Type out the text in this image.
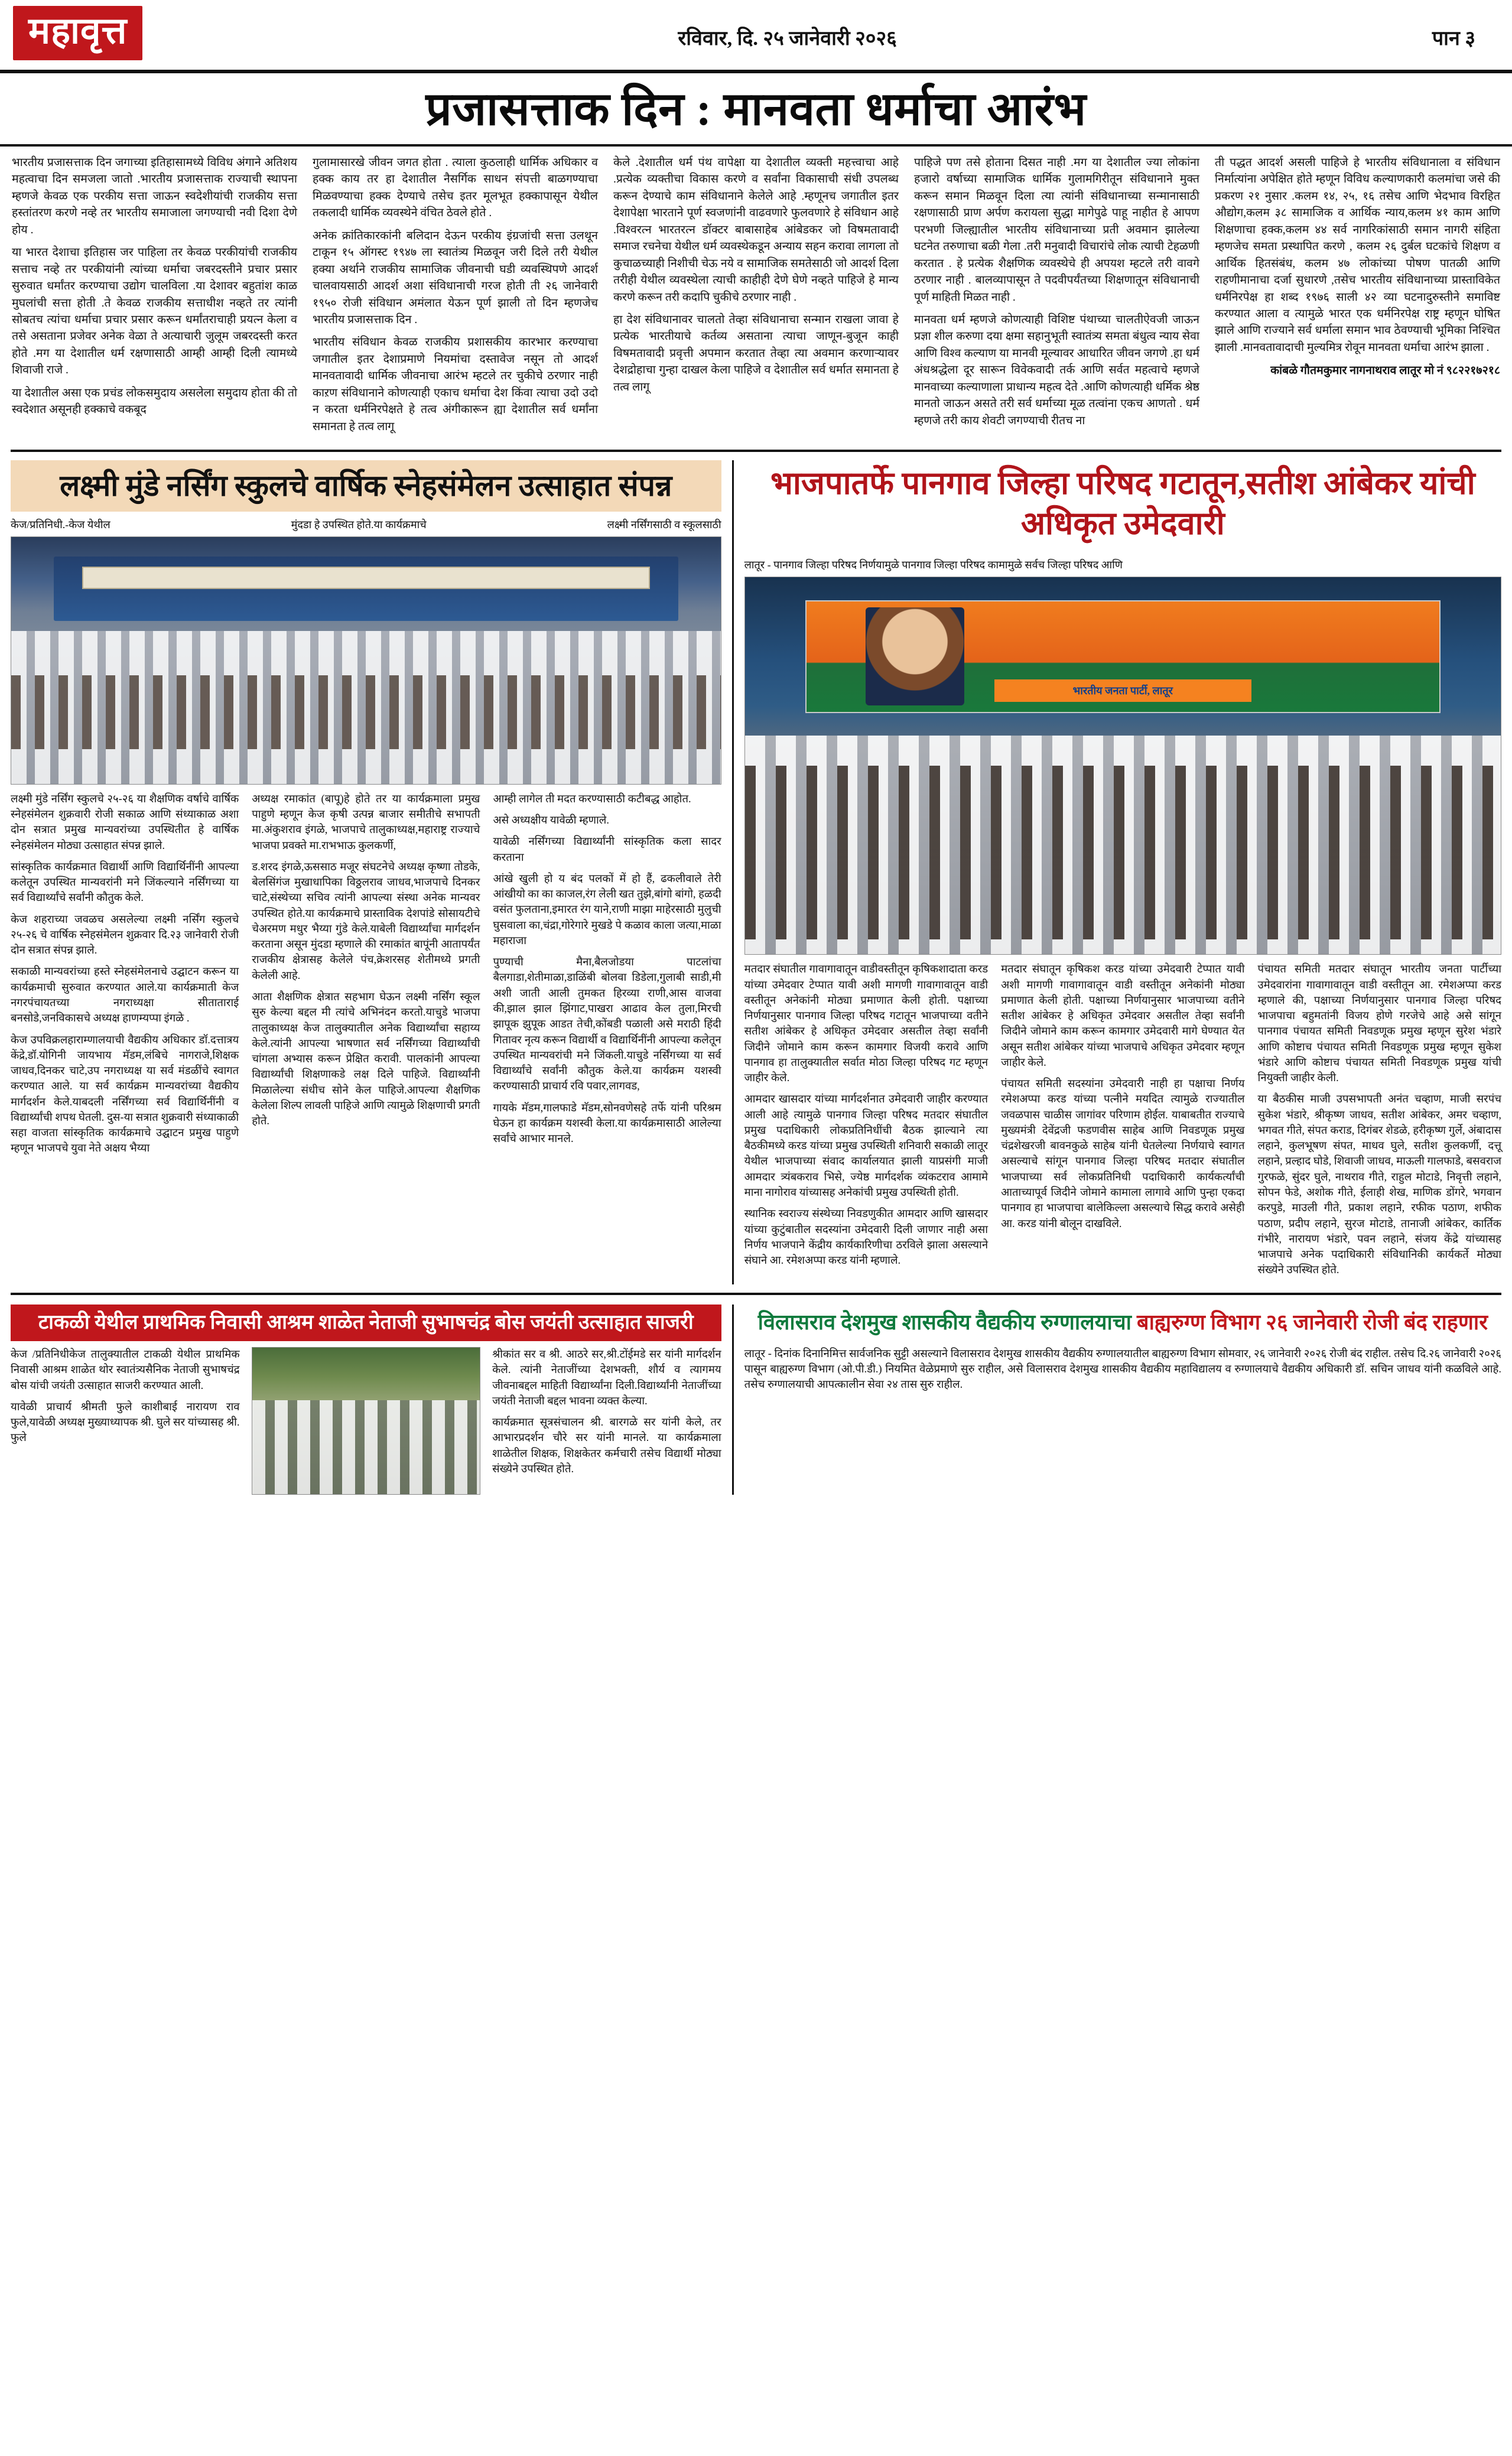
महावृत्त	रविवार, दि. २५ जानेवारी २०२६	पान ३
प्रजासत्ताक दिन : मानवता धर्माचा आरंभ

भारतीय प्रजासत्ताक दिन जगाच्या इतिहासामध्ये विविध अंगाने अतिशय महत्वाचा दिन समजला जातो .भारतीय प्रजासत्ताक राज्याची स्थापना म्हणजे केवळ एक परकीय सत्ता जाऊन स्वदेशीयांची राजकीय सत्ता हस्तांतरण करणे नव्हे तर भारतीय समाजाला जगण्याची नवी दिशा देणे होय .

या भारत देशाचा इतिहास जर पाहिला तर केवळ परकीयांची राजकीय सत्ताच नव्हे तर परकीयांनी त्यांच्या धर्माचा जबरदस्तीने प्रचार प्रसार सुरुवात धर्मांतर करण्याचा उद्योग चालविला .या देशावर बहुतांश काळ मुघलांची सत्ता होती .ते केवळ राजकीय सत्ताधीश नव्हते तर त्यांनी सोबतच त्यांचा धर्माचा प्रचार प्रसार करून धर्मांतराचाही प्रयत्न केला व तसे असताना प्रजेवर अनेक वेळा ते अत्याचारी जुलूम जबरदस्ती करत होते .मग या देशातील धर्म रक्षणासाठी आम्ही आम्ही दिली त्यामध्ये शिवाजी राजे .

या देशातील असा एक प्रचंड लोकसमुदाय असलेला समुदाय होता की तो स्वदेशात असूनही हक्काचे वकबूद

गुलामासारखे जीवन जगत होता . त्याला कुठलाही धार्मिक अधिकार व हक्क काय तर हा देशातील नैसर्गिक साधन संपत्ती बाळगण्याचा मिळवण्याचा हक्क देण्याचे तसेच इतर मूलभूत हक्कापासून येथील तकलादी धार्मिक व्यवस्थेने वंचित ठेवले होते .

अनेक क्रांतिकारकांनी बलिदान देऊन परकीय इंग्रजांची सत्ता उलथून टाकून १५ ऑगस्ट १९४७ ला स्वातंत्र्य मिळवून जरी दिले तरी येथील हक्या अर्थाने राजकीय सामाजिक जीवनाची घडी व्यवस्थिपणे आदर्श चालवायसाठी आदर्श अशा संविधानाची गरज होती ती २६ जानेवारी १९५० रोजी संविधान अमंलात येऊन पूर्ण झाली तो दिन म्हणजेच भारतीय प्रजासत्ताक दिन .

भारतीय संविधान केवळ राजकीय प्रशासकीय कारभार करण्याचा जगातील इतर देशाप्रमाणे नियमांचा दस्तावेज नसून तो आदर्श मानवतावादी धार्मिक जीवनाचा आरंभ म्हटले तर चुकीचे ठरणार नाही काऱण संविधानाने कोणत्याही एकाच धर्माचा देश किंवा त्याचा उदो उदो न करता धर्मनिरपेक्षते हे तत्व अंगीकारून ह्या देशातील सर्व धर्मांना समानता हे तत्व लागू

केले .देशातील धर्म पंथ वापेक्षा या देशातील व्यक्ती महत्त्वाचा आहे .प्रत्येक व्यक्तीचा विकास करणे व सर्वांना विकासाची संधी उपलब्ध करून देण्याचे काम संविधानाने केलेले आहे .म्हणूनच जगातील इतर देशापेक्षा भारताने पूर्ण स्वजणांनी वाढवणारे फुलवणारे हे संविधान आहे .विश्वरत्न भारतरत्न डॉक्टर बाबासाहेब आंबेडकर जो विषमतावादी समाज रचनेचा येथील धर्म व्यवस्थेकडून अन्याय सहन करावा लागला तो कुचाळच्याही निशीची चेऊ नये व सामाजिक समतेसाठी जो आदर्श दिला तरीही येथील व्यवस्थेला त्याची काहीही देणे घेणे नव्हते पाहिजे हे मान्य करणे करून तरी कदापि चुकीचे ठरणार नाही .

हा देश संविधानावर चालतो तेव्हा संविधानाचा सन्मान राखला जावा हे प्रत्येक भारतीयाचे कर्तव्य असताना त्याचा जाणून-बुजून काही विषमतावादी प्रवृत्ती अपमान करतात तेव्हा त्या अवमान करणाऱ्यावर देशद्रोहाचा गुन्हा दाखल केला पाहिजे व देशातील सर्व धर्मात समानता हे तत्व लागू

पाहिजे पण तसे होताना दिसत नाही .मग या देशातील ज्या लोकांना हजारो वर्षाच्या सामाजिक धार्मिक गुलामगिरीतून संविधानाने मुक्त करून समान मिळवून दिला त्या त्यांनी संविधानाच्या सन्मानासाठी रक्षणासाठी प्राण अर्पण करायला सुद्धा मागेपुढे पाहू नाहीत हे आपण परभणी जिल्ह्यातील भारतीय संविधानाच्या प्रती अवमान झालेल्या घटनेत तरुणाचा बळी गेला .तरी मनुवादी विचारांचे लोक त्याची टेहळणी करतात . हे प्रत्येक शैक्षणिक व्यवस्थेचे ही अपयश म्हटले तरी वावगे ठरणार नाही . बालव्यापासून ते पदवीपर्यंतच्या शिक्षणातून संविधानाची पूर्ण माहिती मिळत नाही .

मानवता धर्म म्हणजे कोणत्याही विशिष्ट पंथाच्या चालतीऐवजी जाऊन प्रज्ञा शील करुणा दया क्षमा सहानुभूती स्वातंत्र्य समता बंधुत्व न्याय सेवा आणि विश्व कल्याण या मानवी मूल्यावर आधारित जीवन जगणे .हा धर्म अंधश्रद्धेला दूर सारून विवेकवादी तर्क आणि सर्वत महत्वाचे म्हणजे मानवाच्या कल्याणाला प्राधान्य महत्व देते .आणि कोणत्याही धर्मिक श्रेष्ठ मानतो जाऊन असते तरी सर्व धर्माच्या मूळ तत्वांना एकच आणतो . धर्म म्हणजे तरी काय शेवटी जगण्याची रीतच ना

ती पद्धत आदर्श असली पाहिजे हे भारतीय संविधानाला व संविधान निर्मात्यांना अपेक्षित होते म्हणून विविध कल्याणकारी कलमांचा जसे की प्रकरण २१ नुसार .कलम १४, २५, १६ तसेच आणि भेदभाव विरहित औद्योग,कलम ३८ सामाजिक व आर्थिक न्याय,कलम ४१ काम आणि शिक्षणाचा हक्क,कलम ४४ सर्व नागरिकांसाठी समान नागरी संहिता म्हणजेच समता प्रस्थापित करणे , कलम २६ दुर्बल घटकांचे शिक्षण व आर्थिक हितसंबंध, कलम ४७ लोकांच्या पोषण पातळी आणि राहणीमानाचा दर्जा सुधारणे ,तसेच भारतीय संविधानाच्या प्रास्ताविकेत धर्मनिरपेक्ष हा शब्द १९७६ साली ४२ व्या घटनादुरुस्तीने समाविष्ट करण्यात आला व त्यामुळे भारत एक धर्मनिरपेक्ष राष्ट्र म्हणून घोषित झाले आणि राज्याने सर्व धर्माला समान भाव ठेवण्याची भूमिका निश्चित झाली .मानवतावादाची मुल्यमित्र रोवून मानवता धर्माचा आरंभ झाला .

कांबळे गौतमकुमार नागनाथराव लातूर मो नं ९८२२१७२१८
लक्ष्मी मुंडे नर्सिंग स्कुलचे वार्षिक स्नेहसंमेलन उत्साहात संपन्न
केज/प्रतिनिधी.-केज येथील	मुंदडा हे उपस्थित होते.या कार्यक्रमाचे	लक्ष्मी नर्सिंगसाठी व स्कूलसाठी

लक्ष्मी मुंडे नर्सिंग स्कुलचे २५-२६ या शैक्षणिक वर्षाचे वार्षिक स्नेहसंमेलन शुक्रवारी रोजी सकाळ आणि संध्याकाळ अशा दोन सत्रात प्रमुख मान्यवरांच्या उपस्थितीत हे वार्षिक स्नेहसंमेलन मोठ्या उत्साहात संपन्न झाले.

सांस्कृतिक कार्यक्रमात विद्यार्थी आणि विद्यार्थिनींनी आपल्या कलेतून उपस्थित मान्यवरांनी मने जिंकल्याने नर्सिंगच्या या सर्व विद्यार्थ्यांचे सर्वांनी कौतुक केले.

केज शहराच्या जवळच असलेल्या लक्ष्मी नर्सिंग स्कुलचे २५-२६ चे वार्षिक स्नेहसंमेलन शुक्रवार दि.२३ जानेवारी रोजी दोन सत्रात संपन्न झाले.

सकाळी मान्यवरांच्या हस्ते स्नेहसंमेलनाचे उद्घाटन करून या कार्यक्रमाची सुरुवात करण्यात आले.या कार्यक्रमाती केज नगरपंचायतच्या नगराध्यक्षा सीताताराई बनसोडे,जनविकासचे अध्यक्ष हाणम्यप्पा इंगळे .

केज उपविक्रलहाराम्णालयाची वैद्यकीय अधिकार डॉ.दत्तात्रय केंद्रे,डॉ.योगिनी जायभाय मॅडम,लंबिचे नागराजे,शिक्षक जाधव,दिनकर चाटे,उप नगराध्यक्ष या सर्व मंडळींचे स्वागत करण्यात आले. या सर्व कार्यक्रम मान्यवरांच्या वैद्यकीय मार्गदर्शन केले.याबदली नर्सिंगच्या सर्व विद्यार्थिनींनी व विद्यार्थ्यांची शपथ घेतली. दुस-या सत्रात शुक्रवारी संध्याकाळी सहा वाजता सांस्कृतिक कार्यक्रमाचे उद्घाटन प्रमुख पाहुणे म्हणून भाजपचे युवा नेते अक्षय भैय्या

अध्यक्ष रमाकांत (बापू)हे होते तर या कार्यक्रमाला प्रमुख पाहुणे म्हणून केज कृषी उत्पन्न बाजार समीतीचे सभापती मा.अंकुशराव इंगळे, भाजपाचे तालुकाध्यक्ष,महाराष्ट्र राज्याचे भाजपा प्रवक्ते मा.राभभाऊ कुलकर्णी,

ड.शरद इंगळे,ऊससाठ मजूर संघटनेचे अध्यक्ष कृष्णा तोडके, बेलसिंगंज मुखाधापिका विठ्ठलराव जाधव,भाजपाचे दिनकर चाटे,संस्थेच्या सचिव त्यांनी आपल्या संस्था अनेक मान्यवर उपस्थित होते.या कार्यक्रमाचे प्रास्ताविक देशपांडे सोसायटीचे चेअरमण मधुर भैय्या गुंडे केले.याबेली विद्यार्थ्यांचा मार्गदर्शन करताना असून मुंदडा म्हणाले की रमाकांत बापूंनी आतापर्यंत राजकीय क्षेत्रासह केलेले पंच,क्रेशरसह शेतीमध्ये प्रगती केलेली आहे.

आता शैक्षणिक क्षेत्रात सहभाग घेऊन लक्ष्मी नर्सिंग स्कूल सुरु केल्या बद्दल मी त्यांचे अभिनंदन करतो.याचुडे भाजपा तालुकाध्यक्ष केज तालुक्यातील अनेक विद्यार्थ्यांचा सहाय्य केले.त्यांनी आपल्या भाषणात सर्व नर्सिंगच्या विद्यार्थ्यांची चांगला अभ्यास करून प्रेक्षित करावी. पालकांनी आपल्या विद्यार्थ्यांची शिक्षणाकडे लक्ष दिले पाहिजे. विद्यार्थ्यांनी मिळालेल्या संधीच सोने केल पाहिजे.आपल्या शैक्षणिक केलेला शिल्प लावली पाहिजे आणि त्यामुळे शिक्षणाची प्रगती होते.

आम्ही लागेल ती मदत करण्यासाठी कटीबद्ध आहोत.

असे अध्यक्षीय यावेळी म्हणाले.

यावेळी नर्सिंगच्या विद्यार्थ्यांनी सांस्कृतिक कला सादर करताना

आंखे खुली हो य बंद पलकों में हो हैं, ढकलीवाले तेरी आंखीयो का का काजल,रंग लेली खत तुझे,बांगो बांगो, हळदी वसंत फुलताना,इमारत रंग याने,राणी माझा माहेरसाठी मुलुची घुसवाला का,चंद्रा,गोरेगारे मुखडे पे कळाव काला जत्या,माळा महाराजा

पुण्याची मैना,बैलजोडया पाटलांचा बैलगाडा,शेतीमाळा,डाळिंबी बोलवा डिडेला,गुलाबी साडी,मी अशी जाती आली तुमकत हिरव्या राणी,आस वाजवा की,झाल झाल झिंगाट,पाखरा आढाव केल तुला,मिरची झापूक झुपूक आडत तेची,कोंबडी पळाली असे मराठी हिंदी गितावर नृत्य करून विद्यार्थी व विद्यार्थिनींनी आपल्या कलेतून उपस्थित मान्यवरांची मने जिंकली.याचुडे नर्सिंगच्या या सर्व विद्यार्थ्यांचे सर्वांनी कौतुक केले.या कार्यक्रम यशस्वी करण्यासाठी प्राचार्य रवि पवार,लागवड,

गायके मॅडम,गालफाडे मॅडम,सोनवणेसहे तर्फे यांनी परिश्रम घेऊन हा कार्यक्रम यशस्वी केला.या कार्यक्रमासाठी आलेल्या सर्वांचे आभार मानले.

भाजपातर्फे पानगाव जिल्हा परिषद गटातून,सतीश आंबेकर यांची अधिकृत उमेदवारी
लातूर - पानगाव जिल्हा परिषद निर्णयामुळे पानगाव जिल्हा परिषद कामामुळे सर्वच जिल्हा परिषद आणि
भारतीय जनता पार्टी, लातूर

मतदार संघातील गावागावातून वाडीवस्तीतून कृषिकशादाता करड यांच्या उमेदवार टेप्पात यावी अशी मागणी गावागावातून वाडी वस्तीतून अनेकांनी मोठ्या प्रमाणात केली होती. पक्षाच्या निर्णयानुसार पानगाव जिल्हा परिषद गटातून भाजपाच्या वतीने सतीश आंबेकर हे अधिकृत उमेदवार असतील तेव्हा सर्वांनी जिदीने जोमाने काम करून कामगार विजयी करावे आणि पानगाव हा तालुक्यातील सर्वात मोठा जिल्हा परिषद गट म्हणून जाहीर केले.

आमदार खासदार यांच्या मार्गदर्शनात उमेदवारी जाहीर करण्यात आली आहे त्यामुळे पानगाव जिल्हा परिषद मतदार संघातील प्रमुख पदाधिकारी लोकप्रतिनिधींची बैठक झाल्याने त्या बैठकीमध्ये करड यांच्या प्रमुख उपस्थिती शनिवारी सकाळी लातूर येथील भाजपाच्या संवाद कार्यालयात झाली याप्रसंगी माजी आमदार त्र्यंबकराव भिसे, ज्येष्ठ मार्गदर्शक व्यंकटराव आमामे माना नागोराव यांच्यासह अनेकांची प्रमुख उपस्थिती होती.

स्थानिक स्वराज्य संस्थेच्या निवडणुकीत आमदार आणि खासदार यांच्या कुटुंबातील सदस्यांना उमेदवारी दिली जाणार नाही असा निर्णय भाजपाने केंद्रीय कार्यकारिणीचा ठरविले झाला असल्याने संघाने आ. रमेशअप्पा करड यांनी म्हणाले.

मतदार संघातून कृषिकश करड यांच्या उमेदवारी टेप्पात यावी अशी मागणी गावागावातून वाडी वस्तीतून अनेकांनी मोठ्या प्रमाणात केली होती. पक्षाच्या निर्णयानुसार भाजपाच्या वतीने सतीश आंबेकर हे अधिकृत उमेदवार असतील तेव्हा सर्वांनी जिदीने जोमाने काम करून कामगार उमेदवारी मागे घेण्यात येत असून सतीश आंबेकर यांच्या भाजपाचे अधिकृत उमेदवार म्हणून जाहीर केले.

पंचायत समिती सदस्यांना उमेदवारी नाही हा पक्षाचा निर्णय रमेशअप्पा करड यांच्या पत्नीने मयदित त्यामुळे राज्यातील जवळपास चाळीस जागांवर परिणाम होईल. याबाबतीत राज्याचे मुख्यमंत्री देवेंद्रजी फडणवीस साहेब आणि निवडणूक प्रमुख चंद्रशेखरजी बावनकुळे साहेब यांनी घेतलेल्या निर्णयाचे स्वागत असल्याचे सांगून पानगाव जिल्हा परिषद मतदार संघातील भाजपाच्या सर्व लोकप्रतिनिधी पदाधिकारी कार्यकर्त्यांची आताच्यापूर्व जिदीने जोमाने कामाला लागावे आणि पुन्हा एकदा पानगाव हा भाजपाचा बालेकिल्ला असल्याचे सिद्ध करावे असेही आ. करड यांनी बोलून दाखविले.

पंचायत समिती मतदार संघातून भारतीय जनता पार्टीच्या उमेदवारांना गावागावातून वाडी वस्तीतून आ. रमेशअप्पा करड म्हणाले की, पक्षाच्या निर्णयानुसार पानगाव जिल्हा परिषद भाजपाचा बहुमतांनी विजय होणे गरजेचे आहे असे सांगून पानगाव पंचायत समिती निवडणूक प्रमुख म्हणून सुरेश भंडारे आणि कोष्टाच पंचायत समिती निवडणूक प्रमुख म्हणून सुकेश भंडारे आणि कोष्टाच पंचायत समिती निवडणूक प्रमुख यांची नियुक्ती जाहीर केली.

या बैठकीस माजी उपसभापती अनंत चव्हाण, माजी सरपंच सुकेश भंडारे, श्रीकृष्ण जाधव, सतीश आंबेकर, अमर चव्हाण, भगवत गीते, संपत कराड, दिगंबर शेडळे, हरीकृष्ण गुर्ले, अंबादास लहाने, कुलभूषण संपत, माधव घुले, सतीश कुलकर्णी, दत्तू लहाने, प्रल्हाद घोडे, शिवाजी जाधव, माऊली गालफाडे, बसवराज गुरफळे, सुंदर घुले, नाथराव गीते, राहुल मोटाडे, निवृत्ती लहाने, सोपन फेडे, अशोक गीते, ईलाही शेख, माणिक डोंगरे, भगवान करपुडे, माउली गीते, प्रकाश लहाने, रफीक पठाण, शफीक पठाण, प्रदीप लहाने, सुरज मोटाडे, तानाजी आंबेकर, कार्तिक गंभीरे, नारायण भंडारे, पवन लहाने, संजय केंद्रे यांच्यासह भाजपाचे अनेक पदाधिकारी संविधानिकी कार्यकर्ते मोठ्या संख्येने उपस्थित होते.

टाकळी येथील प्राथमिक निवासी आश्रम शाळेत नेताजी सुभाषचंद्र बोस जयंती उत्साहात साजरी

केज /प्रतिनिधीकेज तालुक्यातील टाकळी येथील प्राथमिक निवासी आश्रम शाळेत थोर स्वातंत्र्यसैनिक नेताजी सुभाषचंद्र बोस यांची जयंती उत्साहात साजरी करण्यात आली.

यावेळी प्राचार्य श्रीमती फुले काशीबाई नारायण राव फुले,यावेळी अध्यक्ष मुख्याध्यापक श्री. घुले सर यांच्यासह श्री. फुले

श्रीकांत सर व श्री. आठरे सर,श्री.टोंईमडे सर यांनी मार्गदर्शन केले. त्यांनी नेताजींच्या देशभक्ती, शौर्य व त्यागमय जीवनाबद्दल माहिती विद्यार्थ्यांना दिली.विद्यार्थ्यांनी नेताजींच्या जयंती नेताजी बद्दल भावना व्यक्त केल्या.

कार्यक्रमात सूत्रसंचालन श्री. बारगळे सर यांनी केले, तर आभारप्रदर्शन चौरे सर यांनी मानले. या कार्यक्रमाला शाळेतील शिक्षक, शिक्षकेतर कर्मचारी तसेच विद्यार्थी मोठ्या संख्येने उपस्थित होते.

विलासराव देशमुख शासकीय वैद्यकीय रुग्णालयाचा बाह्यरुग्ण विभाग २६ जानेवारी रोजी बंद राहणार

लातूर - दिनांक दिनानिमित्त सार्वजनिक सुट्टी असल्याने विलासराव देशमुख शासकीय वैद्यकीय रुग्णालयातील बाह्यरुग्ण विभाग सोमवार, २६ जानेवारी २०२६ रोजी बंद राहील. तसेच दि.२६ जानेवारी २०२६ पासून बाह्यरुग्ण विभाग (ओ.पी.डी.) नियमित वेळेप्रमाणे सुरु राहील, असे विलासराव देशमुख शासकीय वैद्यकीय महाविद्यालय व रुग्णालयाचे वैद्यकीय अधिकारी डॉ. सचिन जाधव यांनी कळविले आहे. तसेच रुग्णालयाची आपत्कालीन सेवा २४ तास सुरु राहील.
